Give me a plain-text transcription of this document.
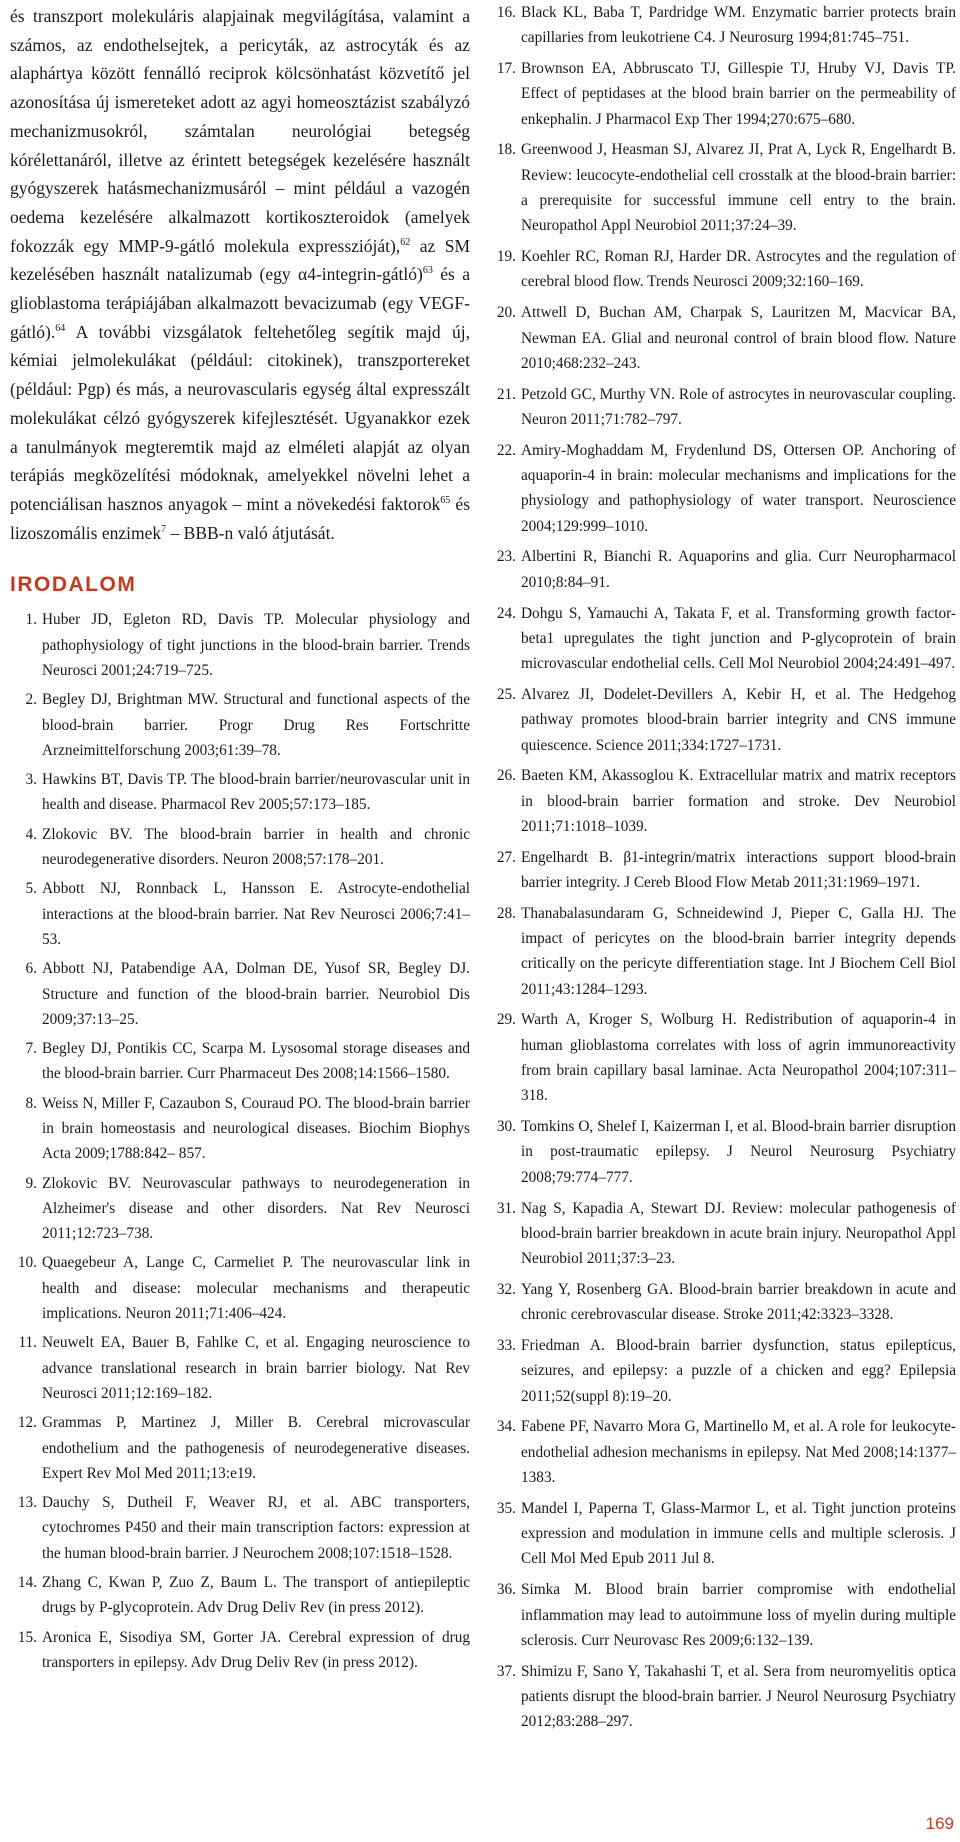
és transzport molekuláris alapjainak megvilágítása, valamint a számos, az endothelsejtek, a pericyták, az astrocyták és az alaphártya között fennálló reciprok kölcsönhatást közvetítő jel azonosítása új ismereteket adott az agyi homeosztázist szabályzó mechanizmusokról, számtalan neurológiai betegség kórélettanáról, illetve az érintett betegségek kezelésére használt gyógyszerek hatásmechanizmusáról – mint például a vazogén oedema kezelésére alkalmazott kortikoszteroidok (amelyek fokozzák egy MMP-9-gátló molekula expresszióját),$^{62}$ az SM kezelésében használt natalizumab (egy α4-integrin-gátló)$^{63}$ és a glioblastoma terápiájában alkalmazott bevacizumab (egy VEGF-gátló).$^{64}$ A további vizsgálatok feltehetőleg segítik majd új, kémiai jelmolekulákat (például: citokinek), transzportereket (például: Pgp) és más, a neurovascularis egység által expresszált molekulákat célzó gyógyszerek kifejlesztését. Ugyanakkor ezek a tanulmányok megteremtik majd az elméleti alapját az olyan terápiás megközelítési módoknak, amelyekkel növelni lehet a potenciálisan hasznos anyagok – mint a növekedési faktorok$^{65}$ és lizoszomális enzimek$^7$ – BBB-n való átjutását.

IRODALOM
1. Huber JD, Egleton RD, Davis TP. Molecular physiology and pathophysiology of tight junctions in the blood-brain barrier. Trends Neurosci 2001;24:719–725.
2. Begley DJ, Brightman MW. Structural and functional aspects of the blood-brain barrier. Progr Drug Res Fortschritte Arzneimittelforschung 2003;61:39–78.
3. Hawkins BT, Davis TP. The blood-brain barrier/neurovascular unit in health and disease. Pharmacol Rev 2005;57:173–185.
4. Zlokovic BV. The blood-brain barrier in health and chronic neurodegenerative disorders. Neuron 2008;57:178–201.
5. Abbott NJ, Ronnback L, Hansson E. Astrocyte-endothelial interactions at the blood-brain barrier. Nat Rev Neurosci 2006;7:41–53.
6. Abbott NJ, Patabendige AA, Dolman DE, Yusof SR, Begley DJ. Structure and function of the blood-brain barrier. Neurobiol Dis 2009;37:13–25.
7. Begley DJ, Pontikis CC, Scarpa M. Lysosomal storage diseases and the blood-brain barrier. Curr Pharmaceut Des 2008;14:1566–1580.
8. Weiss N, Miller F, Cazaubon S, Couraud PO. The blood-brain barrier in brain homeostasis and neurological diseases. Biochim Biophys Acta 2009;1788:842– 857.
9. Zlokovic BV. Neurovascular pathways to neurodegeneration in Alzheimer's disease and other disorders. Nat Rev Neurosci 2011;12:723–738.
10. Quaegebeur A, Lange C, Carmeliet P. The neurovascular link in health and disease: molecular mechanisms and therapeutic implications. Neuron 2011;71:406–424.
11. Neuwelt EA, Bauer B, Fahlke C, et al. Engaging neuroscience to advance translational research in brain barrier biology. Nat Rev Neurosci 2011;12:169–182.
12. Grammas P, Martinez J, Miller B. Cerebral microvascular endothelium and the pathogenesis of neurodegenerative diseases. Expert Rev Mol Med 2011;13:e19.
13. Dauchy S, Dutheil F, Weaver RJ, et al. ABC transporters, cytochromes P450 and their main transcription factors: expression at the human blood-brain barrier. J Neurochem 2008;107:1518–1528.
14. Zhang C, Kwan P, Zuo Z, Baum L. The transport of antiepileptic drugs by P-glycoprotein. Adv Drug Deliv Rev (in press 2012).
15. Aronica E, Sisodiya SM, Gorter JA. Cerebral expression of drug transporters in epilepsy. Adv Drug Deliv Rev (in press 2012).
16. Black KL, Baba T, Pardridge WM. Enzymatic barrier protects brain capillaries from leukotriene C4. J Neurosurg 1994;81:745–751.
17. Brownson EA, Abbruscato TJ, Gillespie TJ, Hruby VJ, Davis TP. Effect of peptidases at the blood brain barrier on the permeability of enkephalin. J Pharmacol Exp Ther 1994;270:675–680.
18. Greenwood J, Heasman SJ, Alvarez JI, Prat A, Lyck R, Engelhardt B. Review: leucocyte-endothelial cell crosstalk at the blood-brain barrier: a prerequisite for successful immune cell entry to the brain. Neuropathol Appl Neurobiol 2011;37:24–39.
19. Koehler RC, Roman RJ, Harder DR. Astrocytes and the regulation of cerebral blood flow. Trends Neurosci 2009;32:160–169.
20. Attwell D, Buchan AM, Charpak S, Lauritzen M, Macvicar BA, Newman EA. Glial and neuronal control of brain blood flow. Nature 2010;468:232–243.
21. Petzold GC, Murthy VN. Role of astrocytes in neurovascular coupling. Neuron 2011;71:782–797.
22. Amiry-Moghaddam M, Frydenlund DS, Ottersen OP. Anchoring of aquaporin-4 in brain: molecular mechanisms and implications for the physiology and pathophysiology of water transport. Neuroscience 2004;129:999–1010.
23. Albertini R, Bianchi R. Aquaporins and glia. Curr Neuropharmacol 2010;8:84–91.
24. Dohgu S, Yamauchi A, Takata F, et al. Transforming growth factor-beta1 upregulates the tight junction and P-glycoprotein of brain microvascular endothelial cells. Cell Mol Neurobiol 2004;24:491–497.
25. Alvarez JI, Dodelet-Devillers A, Kebir H, et al. The Hedgehog pathway promotes blood-brain barrier integrity and CNS immune quiescence. Science 2011;334:1727–1731.
26. Baeten KM, Akassoglou K. Extracellular matrix and matrix receptors in blood-brain barrier formation and stroke. Dev Neurobiol 2011;71:1018–1039.
27. Engelhardt B. β1-integrin/matrix interactions support blood-brain barrier integrity. J Cereb Blood Flow Metab 2011;31:1969–1971.
28. Thanabalasundaram G, Schneidewind J, Pieper C, Galla HJ. The impact of pericytes on the blood-brain barrier integrity depends critically on the pericyte differentiation stage. Int J Biochem Cell Biol 2011;43:1284–1293.
29. Warth A, Kroger S, Wolburg H. Redistribution of aquaporin-4 in human glioblastoma correlates with loss of agrin immunoreactivity from brain capillary basal laminae. Acta Neuropathol 2004;107:311–318.
30. Tomkins O, Shelef I, Kaizerman I, et al. Blood-brain barrier disruption in post-traumatic epilepsy. J Neurol Neurosurg Psychiatry 2008;79:774–777.
31. Nag S, Kapadia A, Stewart DJ. Review: molecular pathogenesis of blood-brain barrier breakdown in acute brain injury. Neuropathol Appl Neurobiol 2011;37:3–23.
32. Yang Y, Rosenberg GA. Blood-brain barrier breakdown in acute and chronic cerebrovascular disease. Stroke 2011;42:3323–3328.
33. Friedman A. Blood-brain barrier dysfunction, status epilepticus, seizures, and epilepsy: a puzzle of a chicken and egg? Epilepsia 2011;52(suppl 8):19–20.
34. Fabene PF, Navarro Mora G, Martinello M, et al. A role for leukocyte-endothelial adhesion mechanisms in epilepsy. Nat Med 2008;14:1377–1383.
35. Mandel I, Paperna T, Glass-Marmor L, et al. Tight junction proteins expression and modulation in immune cells and multiple sclerosis. J Cell Mol Med Epub 2011 Jul 8.
36. Simka M. Blood brain barrier compromise with endothelial inflammation may lead to autoimmune loss of myelin during multiple sclerosis. Curr Neurovasc Res 2009;6:132–139.
37. Shimizu F, Sano Y, Takahashi T, et al. Sera from neuromyelitis optica patients disrupt the blood-brain barrier. J Neurol Neurosurg Psychiatry 2012;83:288–297.
169
